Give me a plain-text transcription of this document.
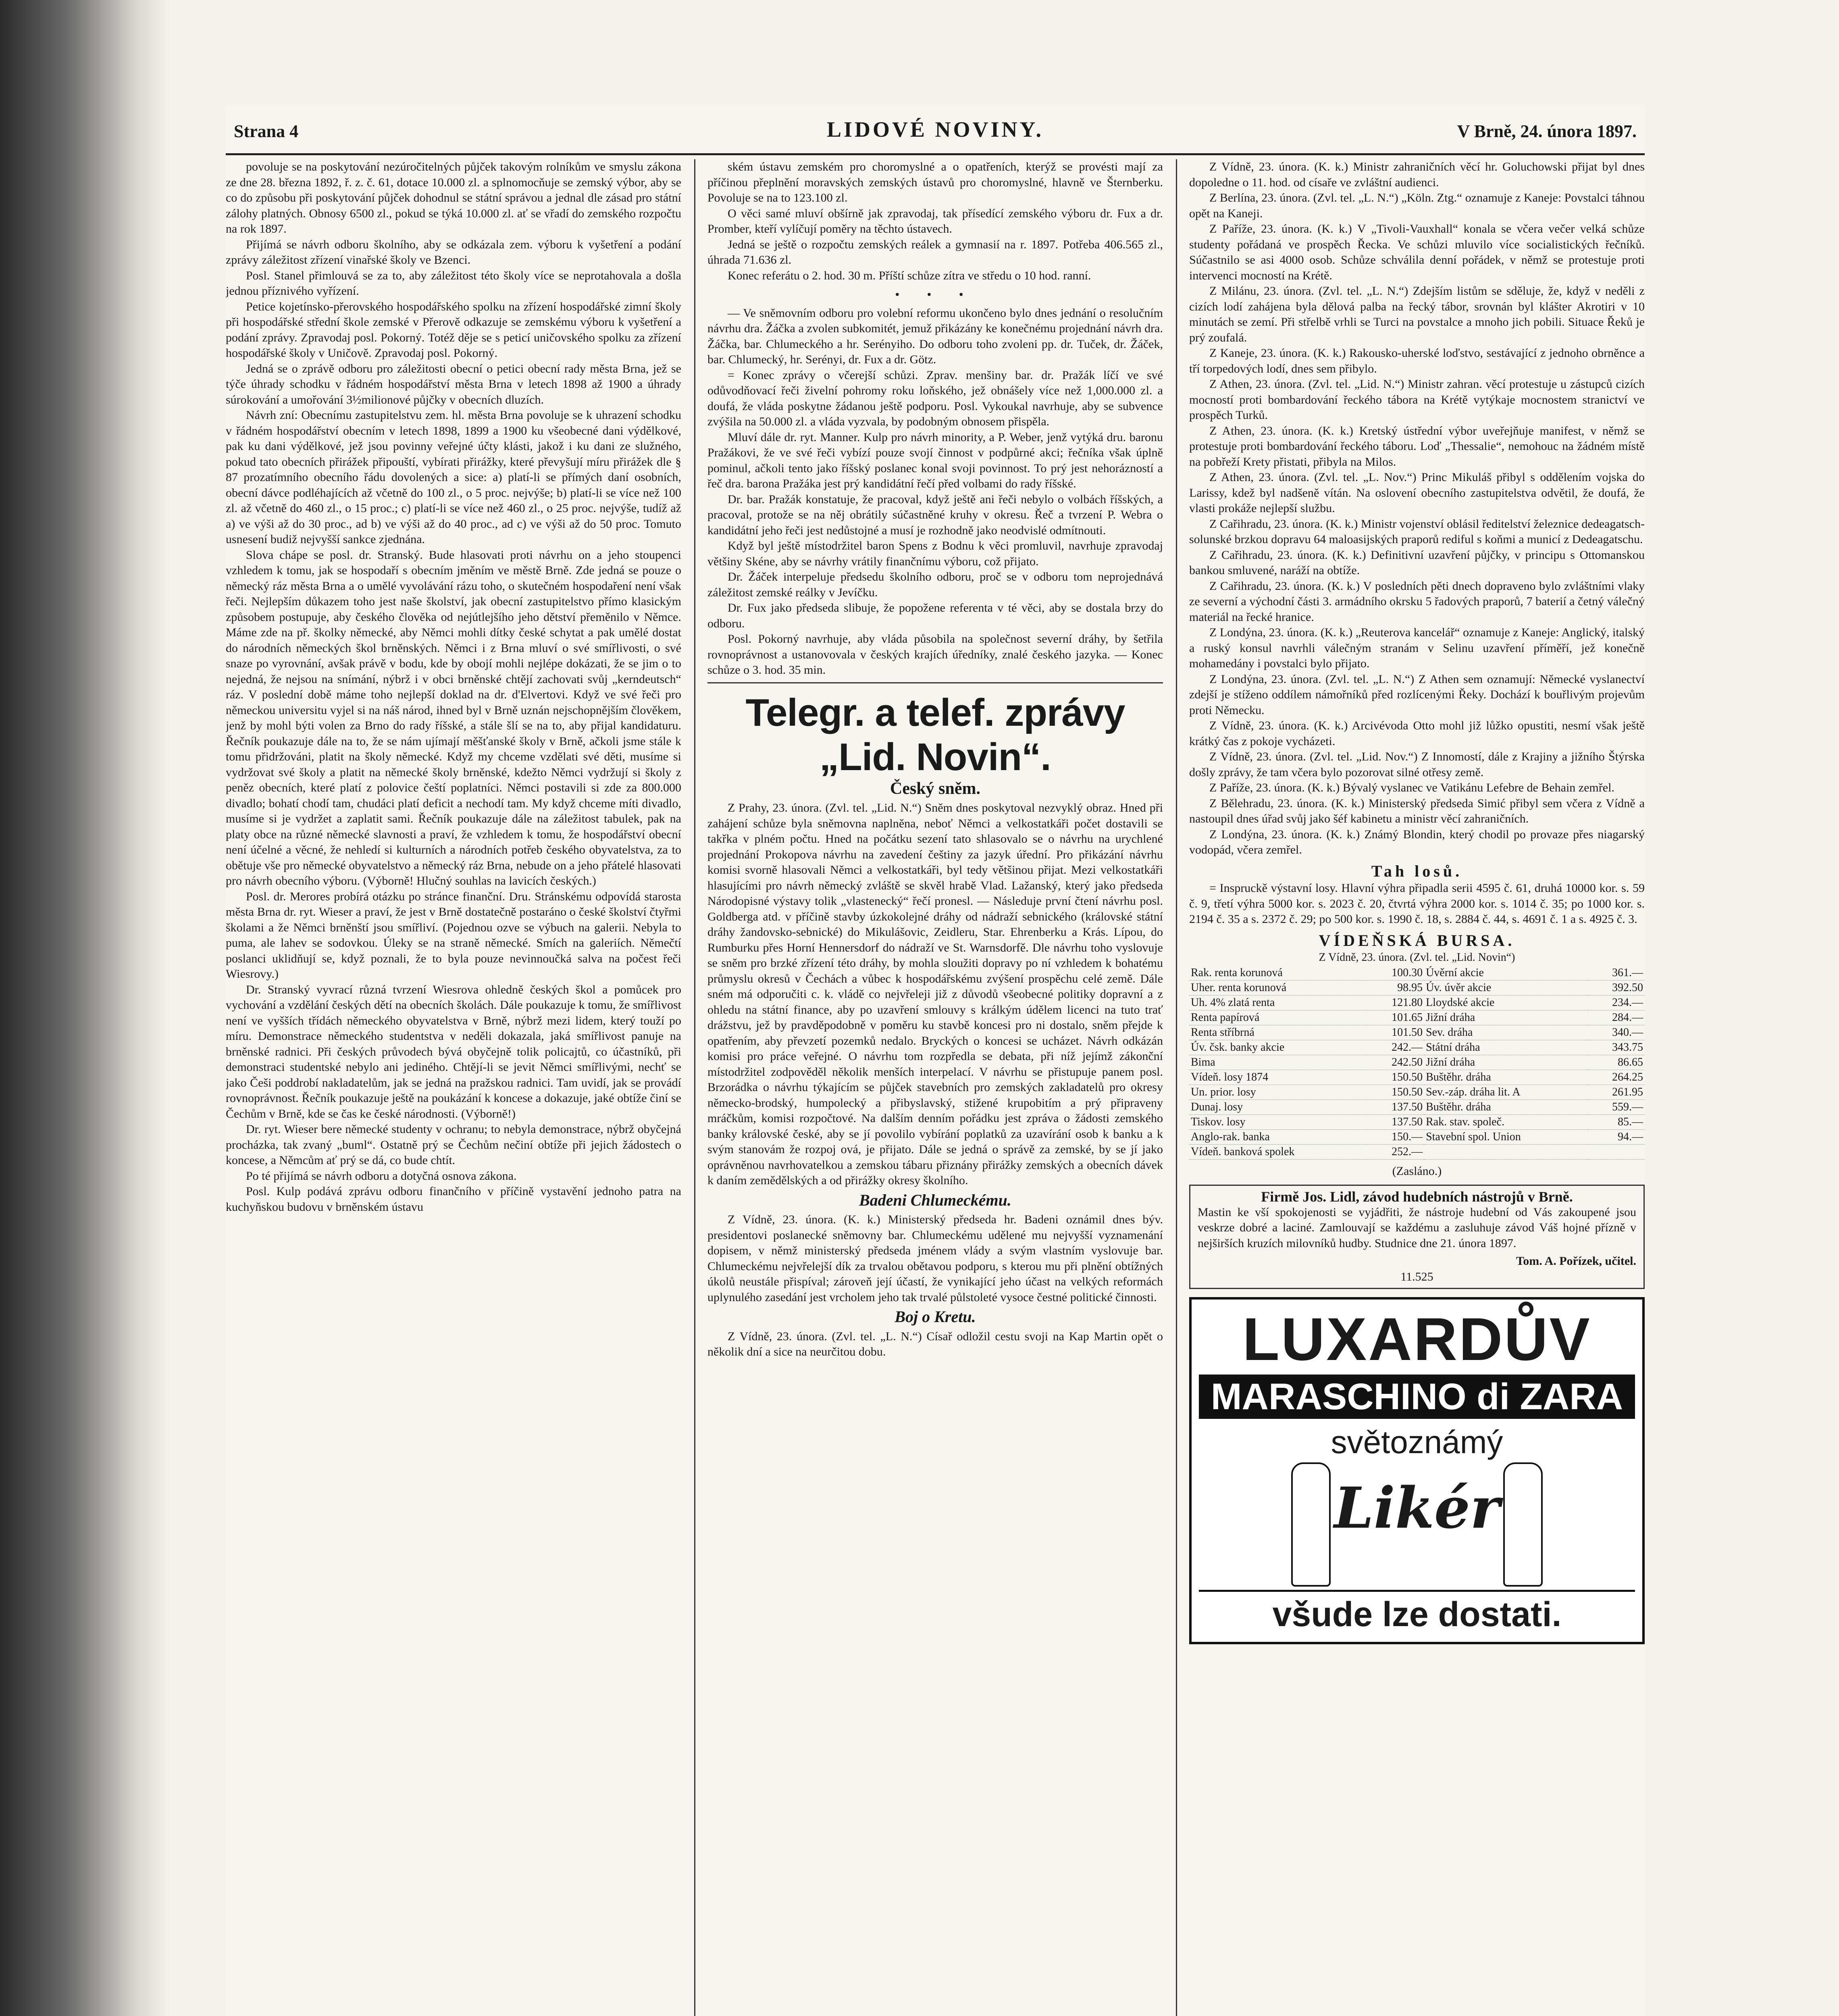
Strana 4	LIDOVÉ NOVINY.	V Brně, 24. února 1897.

povoluje se na poskytování nezúročitelných půjček takovým rolníkům ve smyslu zákona ze dne 28. března 1892, ř. z. č. 61, dotace 10.000 zl. a splnomocňuje se zemský výbor, aby se co do způsobu při poskytování půjček dohodnul se státní správou a jednal dle zásad pro státní zálohy platných. Obnosy 6500 zl., pokud se týká 10.000 zl. ať se vřadí do zemského rozpočtu na rok 1897.

Přijímá se návrh odboru školního, aby se odkázala zem. výboru k vyšetření a podání zprávy záležitost zřízení vinařské školy ve Bzenci.

Posl. Stanel přimlouvá se za to, aby záležitost této školy více se neprotahovala a došla jednou příznivého vyřízení.

Petice kojetínsko-přerovského hospodářského spolku na zřízení hospodářské zimní školy při hospodářské střední škole zemské v Přerově odkazuje se zemskému výboru k vyšetření a podání zprávy. Zpravodaj posl. Pokorný. Totéž děje se s peticí uničovského spolku za zřízení hospodářské školy v Uničově. Zpravodaj posl. Pokorný.

Jedná se o zprávě odboru pro záležitosti obecní o petici obecní rady města Brna, jež se týče úhrady schodku v řádném hospodářství města Brna v letech 1898 až 1900 a úhrady súrokování a umořování 3½milionové půjčky v obecních dluzích.

Návrh zní: Obecnímu zastupitelstvu zem. hl. města Brna povoluje se k uhrazení schodku v řádném hospodářství obecním v letech 1898, 1899 a 1900 ku všeobecné dani výdělkové, pak ku dani výdělkové, jež jsou povinny veřejné účty klásti, jakož i ku dani ze služného, pokud tato obecních přirážek připouští, vybírati přirážky, které převyšují míru přirážek dle § 87 prozatímního obecního řádu dovolených a sice: a) platí-li se přímých daní osobních, obecní dávce podléhajících až včetně do 100 zl., o 5 proc. nejvýše; b) platí-li se více než 100 zl. až včetně do 460 zl., o 15 proc.; c) platí-li se více než 460 zl., o 25 proc. nejvýše, tudíž až a) ve výši až do 30 proc., ad b) ve výši až do 40 proc., ad c) ve výši až do 50 proc. Tomuto usnesení budiž nejvyšší sankce zjednána.

Slova chápe se posl. dr. Stranský. Bude hlasovati proti návrhu on a jeho stoupenci vzhledem k tomu, jak se hospodaří s obecním jměním ve městě Brně. Zde jedná se pouze o německý ráz města Brna a o umělé vyvolávání rázu toho, o skutečném hospodaření není však řeči. Nejlepším důkazem toho jest naše školství, jak obecní zastupitelstvo přímo klasickým způsobem postupuje, aby českého člověka od nejútlejšího jeho dětství přeměnilo v Němce. Máme zde na př. školky německé, aby Němci mohli dítky české schytat a pak umělé dostat do národních německých škol brněnských. Němci i z Brna mluví o své smířlivosti, o své snaze po vyrovnání, avšak právě v bodu, kde by obojí mohli nejlépe dokázati, že se jim o to nejedná, že nejsou na snímání, nýbrž i v obci brněnské chtějí zachovati svůj „kerndeutsch“ ráz. V poslední době máme toho nejlepší doklad na dr. d'Elvertovi. Když ve své řeči pro německou universitu vyjel si na náš národ, ihned byl v Brně uznán nejschopnějším člověkem, jenž by mohl býti volen za Brno do rady říšské, a stále šlí se na to, aby přijal kandidaturu. Řečník poukazuje dále na to, že se nám ujímají měšťanské školy v Brně, ačkoli jsme stále k tomu přidržováni, platit na školy německé. Když my chceme vzdělati své děti, musíme si vydržovat své školy a platit na německé školy brněnské, kdežto Němci vydržují si školy z peněz obecních, které platí z polovice čeští poplatníci. Němci postavili si zde za 800.000 divadlo; bohatí chodí tam, chudáci platí deficit a nechodí tam. My když chceme míti divadlo, musíme si je vydržet a zaplatit sami. Řečník poukazuje dále na záležitost tabulek, pak na platy obce na různé německé slavnosti a praví, že vzhledem k tomu, že hospodářství obecní není účelné a věcné, že nehledí si kulturních a národních potřeb českého obyvatelstva, za to obětuje vše pro německé obyvatelstvo a německý ráz Brna, nebude on a jeho přátelé hlasovati pro návrh obecního výboru. (Výborně! Hlučný souhlas na lavicích českých.)

Posl. dr. Merores probírá otázku po stránce finanční. Dru. Stránskému odpovídá starosta města Brna dr. ryt. Wieser a praví, že jest v Brně dostatečně postaráno o české školství čtyřmi školami a že Němci brněnští jsou smířliví. (Pojednou ozve se výbuch na galerii. Nebyla to puma, ale lahev se sodovkou. Úleky se na straně německé. Smích na galeriích. Němečtí poslanci uklidňují se, když poznali, že to byla pouze nevinnoučká salva na počest řeči Wiesrovy.)

Dr. Stranský vyvrací různá tvrzení Wiesrova ohledně českých škol a pomůcek pro vychování a vzdělání českých dětí na obecních školách. Dále poukazuje k tomu, že smířlivost není ve vyšších třídách německého obyvatelstva v Brně, nýbrž mezi lidem, který touží po míru. Demonstrace německého studentstva v neděli dokazala, jaká smířlivost panuje na brněnské radnici. Při českých průvodech bývá obyčejně tolik policajtů, co účastníků, při demonstraci studentské nebylo ani jediného. Chtějí-li se jevit Němci smířlivými, nechť se jako Češi poddrobí nakladatelům, jak se jedná na pražskou radnici. Tam uvidí, jak se provádí rovnoprávnost. Řečník poukazuje ještě na poukázání k koncese a dokazuje, jaké obtíže činí se Čechům v Brně, kde se čas ke české národnosti. (Výborně!)

Dr. ryt. Wieser bere německé studenty v ochranu; to nebyla demonstrace, nýbrž obyčejná procházka, tak zvaný „buml“. Ostatně prý se Čechům nečiní obtíže při jejich žádostech o koncese, a Němcům ať prý se dá, co bude chtít.

Po té přijímá se návrh odboru a dotyčná osnova zákona.

Posl. Kulp podává zprávu odboru finančního v příčině vystavění jednoho patra na kuchyňskou budovu v brněnském ústavu

ském ústavu zemském pro choromyslné a o opatřeních, kterýž se provésti mají za příčinou přeplnění moravských zemských ústavů pro choromyslné, hlavně ve Šternberku. Povoluje se na to 123.100 zl.

O věci samé mluví obšírně jak zpravodaj, tak přísedící zemského výboru dr. Fux a dr. Promber, kteří vylíčují poměry na těchto ústavech.

Jedná se ještě o rozpočtu zemských reálek a gymnasií na r. 1897. Potřeba 406.565 zl., úhrada 71.636 zl.

Konec referátu o 2. hod. 30 m. Příští schůze zítra ve středu o 10 hod. ranní.

• • •

— Ve sněmovním odboru pro volební reformu ukončeno bylo dnes jednání o resolučním návrhu dra. Žáčka a zvolen subkomitét, jemuž přikázány ke konečnému projednání návrh dra. Žáčka, bar. Chlumeckého a hr. Serényiho. Do odboru toho zvoleni pp. dr. Tuček, dr. Žáček, bar. Chlumecký, hr. Serényi, dr. Fux a dr. Götz.

= Konec zprávy o včerejší schůzi. Zprav. menšiny bar. dr. Pražák líčí ve své odůvodňovací řeči živelní pohromy roku loňského, jež obnášely více než 1,000.000 zl. a doufá, že vláda poskytne žádanou ještě podporu. Posl. Vykoukal navrhuje, aby se subvence zvýšila na 50.000 zl. a vláda vyzvala, by podobným obnosem přispěla.

Mluví dále dr. ryt. Manner. Kulp pro návrh minority, a P. Weber, jenž vytýká dru. baronu Pražákovi, že ve své řeči vybízí pouze svojí činnost v podpůrné akci; řečníka však úplně pominul, ačkoli tento jako říšský poslanec konal svoji povinnost. To prý jest nehorázností a řeč dra. barona Pražáka jest prý kandidátní řečí před volbami do rady říšské.

Dr. bar. Pražák konstatuje, že pracoval, když ještě ani řeči nebylo o volbách říšských, a pracoval, protože se na něj obrátily súčastněné kruhy v okresu. Řeč a tvrzení P. Webra o kandidátní jeho řeči jest nedůstojné a musí je rozhodně jako neodvislé odmítnouti.

Když byl ještě místodržitel baron Spens z Bodnu k věci promluvil, navrhuje zpravodaj většiny Skéne, aby se návrhy vrátily finančnímu výboru, což přijato.

Dr. Žáček interpeluje předsedu školního odboru, proč se v odboru tom neprojednává záležitost zemské reálky v Jevíčku.

Dr. Fux jako předseda slibuje, že popožene referenta v té věci, aby se dostala brzy do odboru.

Posl. Pokorný navrhuje, aby vláda působila na společnost severní dráhy, by šetřila rovnoprávnost a ustanovovala v českých krajích úředníky, znalé českého jazyka. — Konec schůze o 3. hod. 35 min.

Telegr. a telef. zprávy „Lid. Novin“.
Český sněm.

Z Prahy, 23. února. (Zvl. tel. „Lid. N.“) Sněm dnes poskytoval nezvyklý obraz. Hned při zahájení schůze byla sněmovna naplněna, neboť Němci a velkostatkáři počet dostavili se takřka v plném počtu. Hned na počátku sezení tato shlasovalo se o návrhu na urychlené projednání Prokopova návrhu na zavedení češtiny za jazyk úřední. Pro přikázání návrhu komisi svorně hlasovali Němci a velkostatkáři, byl tedy většinou přijat. Mezi velkostatkáři hlasujícími pro návrh německý zvláště se skvěl hrabě Vlad. Lažanský, který jako předseda Národopisné výstavy tolik „vlastenecký“ řečí pronesl. — Následuje první čtení návrhu posl. Goldberga atd. v příčině stavby úzkokolejné dráhy od nádraží sebnického (královské státní dráhy žandovsko-sebnické) do Mikulášovic, Zeidleru, Star. Ehrenberku a Krás. Lípou, do Rumburku přes Horní Hennersdorf do nádraží ve St. Warnsdorfě. Dle návrhu toho vyslovuje se sněm pro brzké zřízení této dráhy, by mohla sloužiti dopravy po ní vzhledem k bohatému průmyslu okresů v Čechách a vůbec k hospodářskému zvýšení prospěchu celé země. Dále sném má odporučiti c. k. vládě co nejvřeleji již z důvodů všeobecné politiky dopravní a z ohledu na státní finance, aby po uzavření smlouvy s králkým údělem licenci na tuto trať drážstvu, jež by pravděpodobně v poměru ku stavbě koncesi pro ni dostalo, sněm přejde k opatřením, aby převzetí pozemků nedalo. Bryckých o koncesi se ucházet. Návrh odkázán komisi pro práce veřejné. O návrhu tom rozpředla se debata, při níž jejímž zákonční místodržitel zodpověděl několik menších interpelací. V návrhu se přistupuje panem posl. Brzorádka o návrhu týkajícím se půjček stavebních pro zemských zakladatelů pro okresy německo-brodský, humpolecký a přibyslavský, stižené krupobitím a prý připraveny mráčkům, komisi rozpočtové. Na dalším denním pořádku jest zpráva o žádosti zemského banky královské české, aby se jí povolilo vybírání poplatků za uzavírání osob k banku a k svým stanovám že rozpoj ová, je přijato. Dále se jedná o správě za zemské, by se jí jako oprávněnou navrhovatelkou a zemskou tábaru přiznány přirážky zemských a obecních dávek k daním zemědělských a od přirážky okresy školního.

Badeni Chlumeckému.

Z Vídně, 23. února. (K. k.) Ministerský předseda hr. Badeni oznámil dnes býv. presidentovi poslanecké sněmovny bar. Chlumeckému udělené mu nejvyšší vyznamenání dopisem, v němž ministerský předseda jménem vlády a svým vlastním vyslovuje bar. Chlumeckému nejvřelejší dík za trvalou obětavou podporu, s kterou mu při plnění obtížných úkolů neustále přispíval; zároveň její účastí, že vynikající jeho účast na velkých reformách uplynulého zasedání jest vrcholem jeho tak trvalé půlstoleté vysoce čestné politické činnosti.

Boj o Kretu.

Z Vídně, 23. února. (Zvl. tel. „L. N.“) Císař odložil cestu svoji na Kap Martin opět o několik dní a sice na neurčitou dobu.

Z Vídně, 23. února. (K. k.) Ministr zahraničních věcí hr. Goluchowski přijat byl dnes dopoledne o 11. hod. od císaře ve zvláštní audienci.

Z Berlína, 23. února. (Zvl. tel. „L. N.“) „Köln. Ztg.“ oznamuje z Kaneje: Povstalci táhnou opět na Kaneji.

Z Paříže, 23. února. (K. k.) V „Tivoli-Vauxhall“ konala se včera večer velká schůze studenty pořádaná ve prospěch Řecka. Ve schůzi mluvilo více socialistických řečníků. Súčastnilo se asi 4000 osob. Schůze schválila denní pořádek, v němž se protestuje proti intervenci mocností na Krétě.

Z Milánu, 23. února. (Zvl. tel. „L. N.“) Zdejším listům se sděluje, že, když v neděli z cizích lodí zahájena byla dělová palba na řecký tábor, srovnán byl klášter Akrotiri v 10 minutách se zemí. Při střelbě vrhli se Turci na povstalce a mnoho jich pobili. Situace Řeků je prý zoufalá.

Z Kaneje, 23. února. (K. k.) Rakousko-uherské loďstvo, sestávající z jednoho obrněnce a tří torpedových lodí, dnes sem přibylo.

Z Athen, 23. února. (Zvl. tel. „Lid. N.“) Ministr zahran. věcí protestuje u zástupců cizích mocností proti bombardování řeckého tábora na Krétě vytýkaje mocnostem stranictví ve prospěch Turků.

Z Athen, 23. února. (K. k.) Kretský ústřední výbor uveřejňuje manifest, v němž se protestuje proti bombardování řeckého táboru. Loď „Thessalie“, nemohouc na žádném místě na pobřeží Krety přistati, přibyla na Milos.

Z Athen, 23. února. (Zvl. tel. „L. Nov.“) Princ Mikuláš přibyl s oddělením vojska do Larissy, kdež byl nadšeně vítán. Na oslovení obecního zastupitelstva odvětil, že doufá, že vlasti prokáže nejlepší službu.

Z Cařihradu, 23. února. (K. k.) Ministr vojenství oblásil ředitelství železnice dedeagatsch-solunské brzkou dopravu 64 maloasijských praporů rediful s koňmi a municí z Dedeagatschu.

Z Cařihradu, 23. února. (K. k.) Definitivní uzavření půjčky, v principu s Ottomanskou bankou smluvené, naráží na obtíže.

Z Cařihradu, 23. února. (K. k.) V posledních pěti dnech dopraveno bylo zvláštními vlaky ze severní a východní části 3. armádního okrsku 5 řadových praporů, 7 baterií a četný válečný materiál na řecké hranice.

Z Londýna, 23. února. (K. k.) „Reuterova kancelář“ oznamuje z Kaneje: Anglický, italský a ruský konsul navrhli válečným stranám v Selinu uzavření příměří, jež konečně mohamedány i povstalci bylo přijato.

Z Londýna, 23. února. (Zvl. tel. „L. N.“) Z Athen sem oznamují: Německé vyslanectví zdejší je stíženo oddílem námořníků před rozlícenými Řeky. Dochází k bouřlivým projevům proti Německu.

Z Vídně, 23. února. (K. k.) Arcivévoda Otto mohl již lůžko opustiti, nesmí však ještě krátký čas z pokoje vycházeti.

Z Vídně, 23. února. (Zvl. tel. „Lid. Nov.“) Z Innomostí, dále z Krajiny a jižního Štýrska došly zprávy, že tam včera bylo pozorovat silné otřesy země.

Z Paříže, 23. února. (K. k.) Bývalý vyslanec ve Vatikánu Lefebre de Behain zemřel.

Z Bělehradu, 23. února. (K. k.) Ministerský předseda Simić přibyl sem včera z Vídně a nastoupil dnes úřad svůj jako šéf kabinetu a ministr věcí zahraničních.

Z Londýna, 23. února. (K. k.) Známý Blondin, který chodil po provaze přes niagarský vodopád, včera zemřel.

Tah losů.

= Inspruckě výstavní losy. Hlavní výhra připadla serii 4595 č. 61, druhá 10000 kor. s. 59 č. 9, třetí výhra 5000 kor. s. 2023 č. 20, čtvrtá výhra 2000 kor. s. 1014 č. 35; po 1000 kor. s. 2194 č. 35 a s. 2372 č. 29; po 500 kor. s. 1990 č. 18, s. 2884 č. 44, s. 4691 č. 1 a s. 4925 č. 3.

VÍDEŇSKÁ BURSA.
Z Vídně, 23. února. (Zvl. tel. „Lid. Novin“)
Rak. renta korunová	100.30	Úvěrní akcie	361.—
Uher. renta korunová	98.95	Úv. úvěr akcie	392.50
Uh. 4% zlatá renta	121.80	Lloydské akcie	234.—
Renta papírová	101.65	Jižní dráha	284.—
Renta stříbrná	101.50	Sev. dráha	340.—
Úv. čsk. banky akcie	242.—	Státní dráha	343.75
Bima	242.50	Jižní dráha	86.65
Vídeň. losy 1874	150.50	Buštěhr. dráha	264.25
Un. prior. losy	150.50	Sev.-záp. dráha lit. A	261.95
Dunaj. losy	137.50	Buštěhr. dráha	559.—
Tiskov. losy	137.50	Rak. stav. společ.	85.—
Anglo-rak. banka	150.—	Stavební spol. Union	94.—
Vídeň. banková spolek	252.—		
(Zasláno.)
Firmě Jos. Lidl, závod hudebních nástrojů v Brně.
Mastin ke vší spokojenosti se vyjádřiti, že nástroje hudební od Vás zakoupené jsou veskrze dobré a laciné. Zamlouvají se každému a zasluhuje závod Váš hojné přízně v nejširších kruzích milovníků hudby. Studnice dne 21. února 1897.
Tom. A. Pořízek, učitel.
11.525
LUXARDŮV
MARASCHINO di ZARA
světoznámý
Likér
všude lze dostati.
